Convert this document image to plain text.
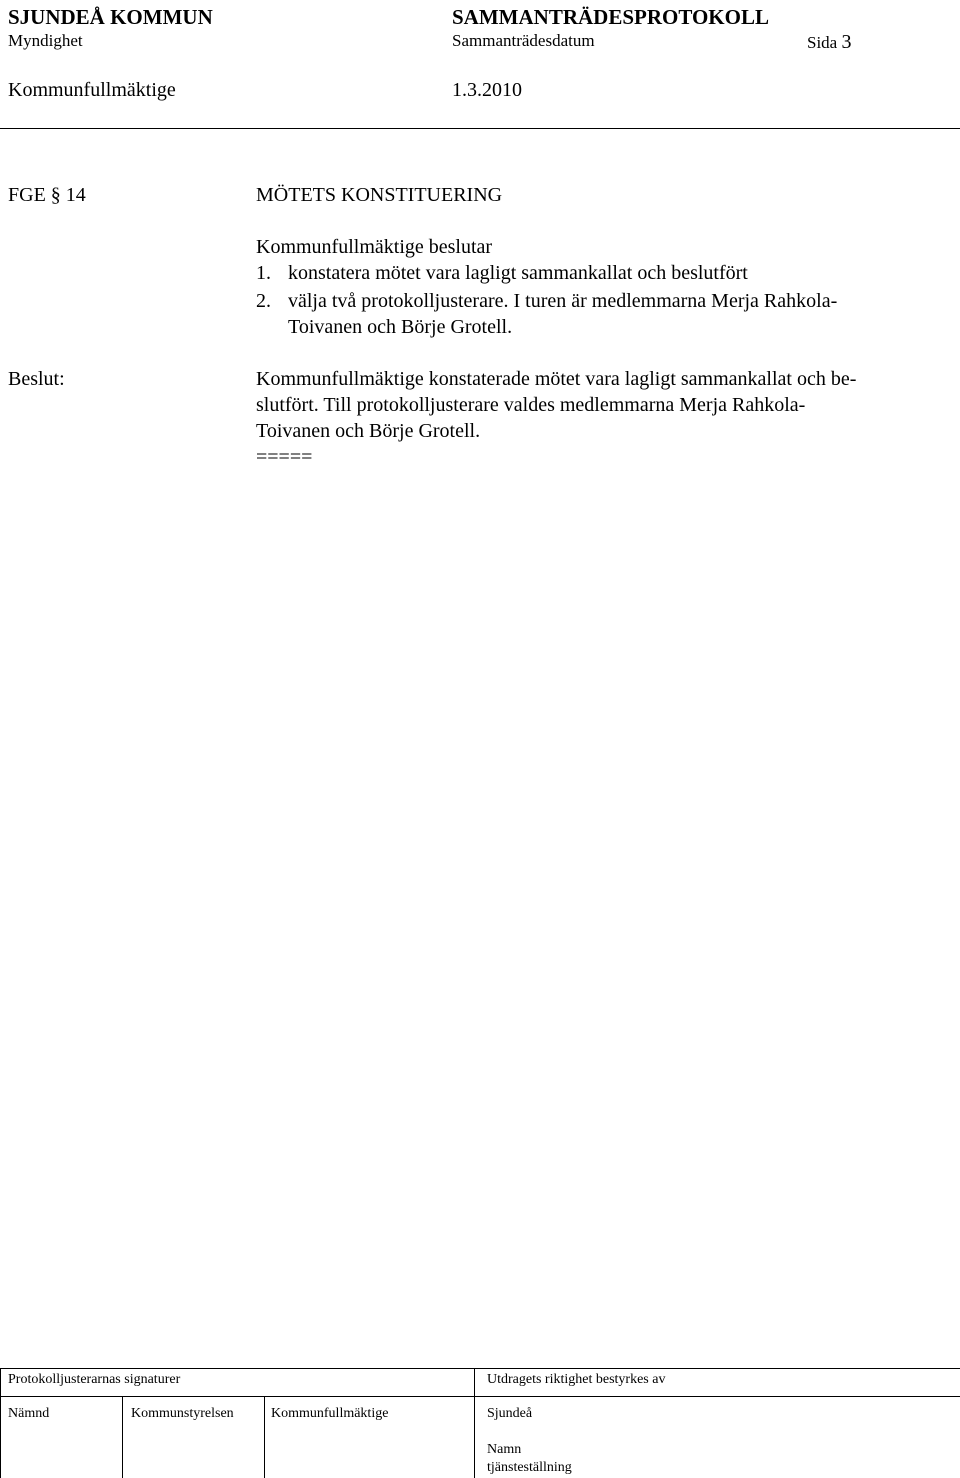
SJUNDEÅ KOMMUN	SAMMANTRÄDESPROTOKOLL
Myndighet	Sammanträdesdatum	Sida 3
Kommunfullmäktige	1.3.2010
FGE § 14	MÖTETS KONSTITUERING
Kommunfullmäktige beslutar
1. konstatera mötet vara lagligt sammankallat och beslutfört
2. välja två protokolljusterare. I turen är medlemmarna Merja Rahkola-
Toivanen och Börje Grotell.
Beslut:	Kommunfullmäktige konstaterade mötet vara lagligt sammankallat och be-
slutfört. Till protokolljusterare valdes medlemmarna Merja Rahkola-
Toivanen och Börje Grotell.
=====
Protokolljusterarnas signaturer	Utdragets riktighet bestyrkes av
Nämnd	Kommunstyrelsen	Kommunfullmäktige	Sjundeå
Namn
tjänsteställning
